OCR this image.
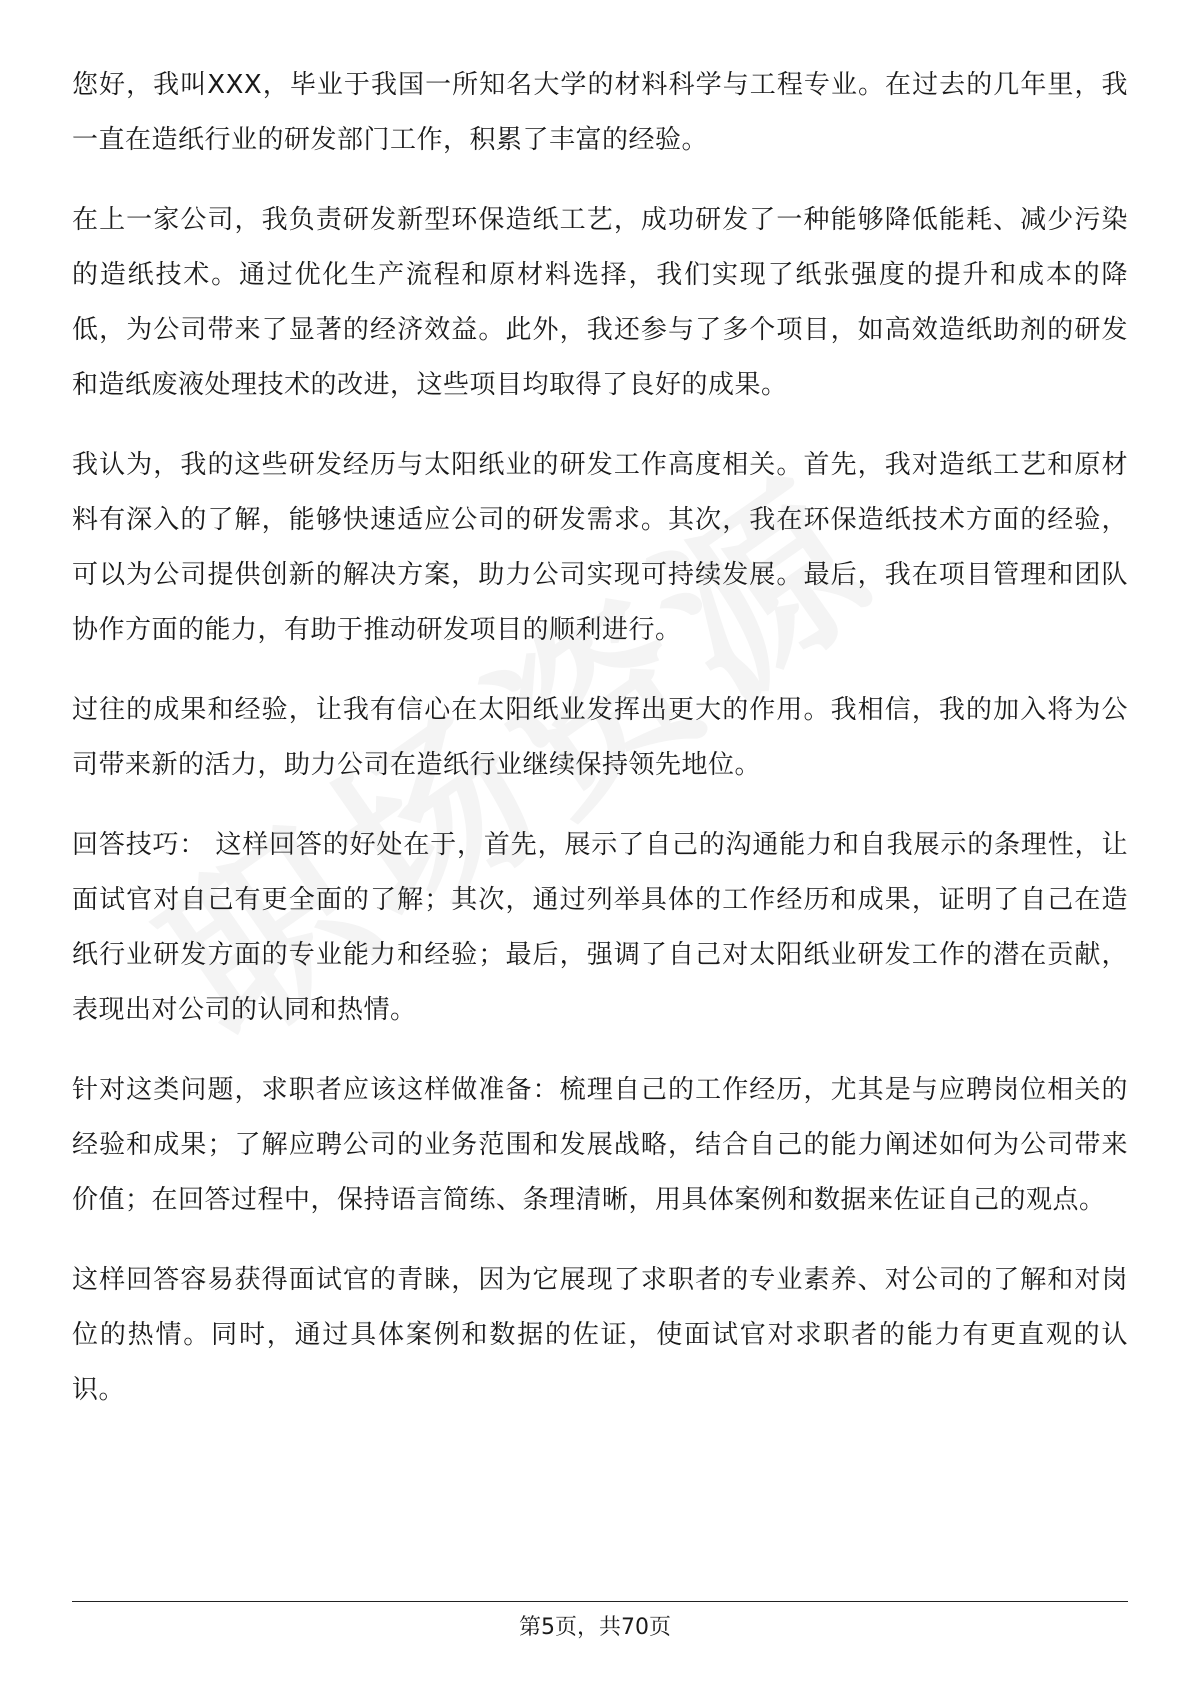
您好，我叫XXX，毕业于我国一所知名大学的材料科学与工程专业。在过去的几年里，我一直在造纸行业的研发部门工作，积累了丰富的经验。

在上一家公司，我负责研发新型环保造纸工艺，成功研发了一种能够降低能耗、减少污染的造纸技术。通过优化生产流程和原材料选择，我们实现了纸张强度的提升和成本的降低，为公司带来了显著的经济效益。此外，我还参与了多个项目，如高效造纸助剂的研发和造纸废液处理技术的改进，这些项目均取得了良好的成果。

我认为，我的这些研发经历与太阳纸业的研发工作高度相关。首先，我对造纸工艺和原材料有深入的了解，能够快速适应公司的研发需求。其次，我在环保造纸技术方面的经验，可以为公司提供创新的解决方案，助力公司实现可持续发展。最后，我在项目管理和团队协作方面的能力，有助于推动研发项目的顺利进行。

过往的成果和经验，让我有信心在太阳纸业发挥出更大的作用。我相信，我的加入将为公司带来新的活力，助力公司在造纸行业继续保持领先地位。

回答技巧： 这样回答的好处在于，首先，展示了自己的沟通能力和自我展示的条理性，让面试官对自己有更全面的了解；其次，通过列举具体的工作经历和成果，证明了自己在造纸行业研发方面的专业能力和经验；最后，强调了自己对太阳纸业研发工作的潜在贡献，表现出对公司的认同和热情。

针对这类问题，求职者应该这样做准备：梳理自己的工作经历，尤其是与应聘岗位相关的经验和成果；了解应聘公司的业务范围和发展战略，结合自己的能力阐述如何为公司带来价值；在回答过程中，保持语言简练、条理清晰，用具体案例和数据来佐证自己的观点。

这样回答容易获得面试官的青睐，因为它展现了求职者的专业素养、对公司的了解和对岗位的热情。同时，通过具体案例和数据的佐证，使面试官对求职者的能力有更直观的认识。

第5页，共70页
